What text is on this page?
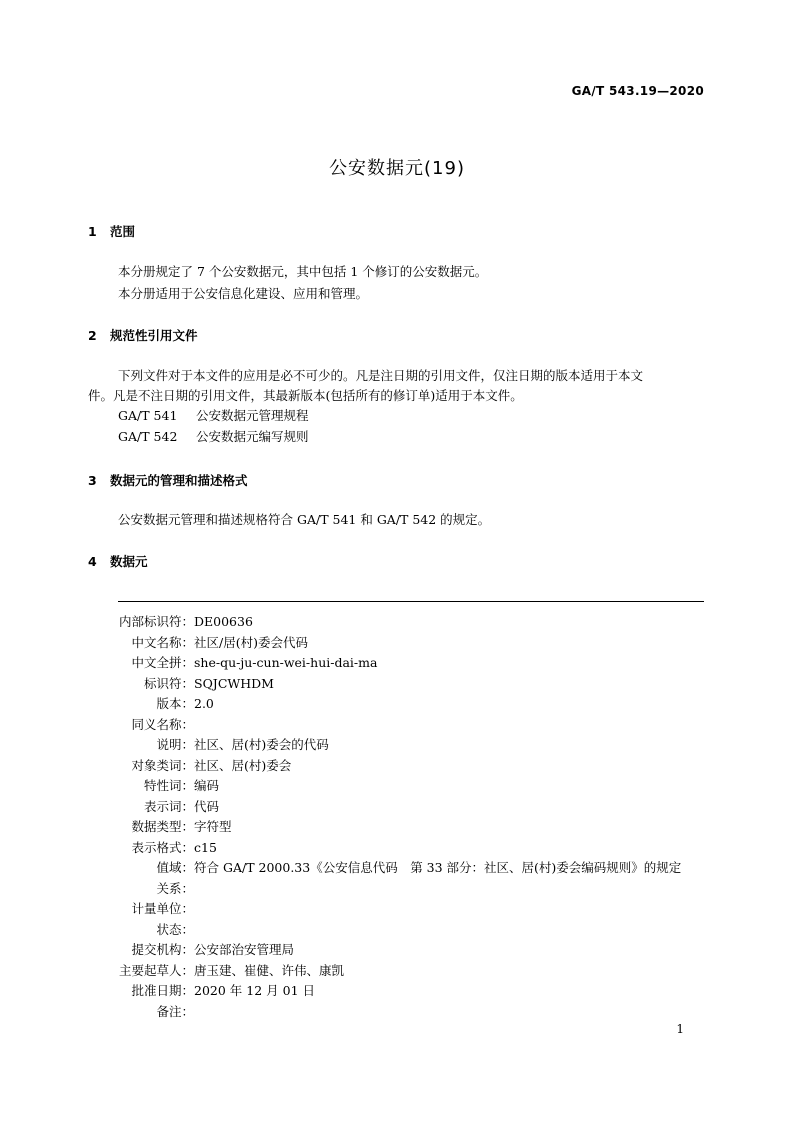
GA/T 543.19—2020
公安数据元(19)
1 范围
本分册规定了 7 个公安数据元，其中包括 1 个修订的公安数据元。
本分册适用于公安信息化建设、应用和管理。
2 规范性引用文件
下列文件对于本文件的应用是必不可少的。凡是注日期的引用文件，仅注日期的版本适用于本文
件。凡是不注日期的引用文件，其最新版本(包括所有的修订单)适用于本文件。
GA/T 541 公安数据元管理规程
GA/T 542 公安数据元编写规则
3 数据元的管理和描述格式
公安数据元管理和描述规格符合 GA/T 541 和 GA/T 542 的规定。
4 数据元
内部标识符：DE00636
中文名称：社区/居(村)委会代码
中文全拼：she-qu-ju-cun-wei-hui-dai-ma
标识符：SQJCWHDM
版本：2.0
同义名称：
说明：社区、居(村)委会的代码
对象类词：社区、居(村)委会
特性词：编码
表示词：代码
数据类型：字符型
表示格式：c15
值域：符合 GA/T 2000.33《公安信息代码　第 33 部分：社区、居(村)委会编码规则》的规定
关系：
计量单位：
状态：
提交机构：公安部治安管理局
主要起草人：唐玉建、崔健、许伟、康凯
批准日期：2020 年 12 月 01 日
备注：
1
